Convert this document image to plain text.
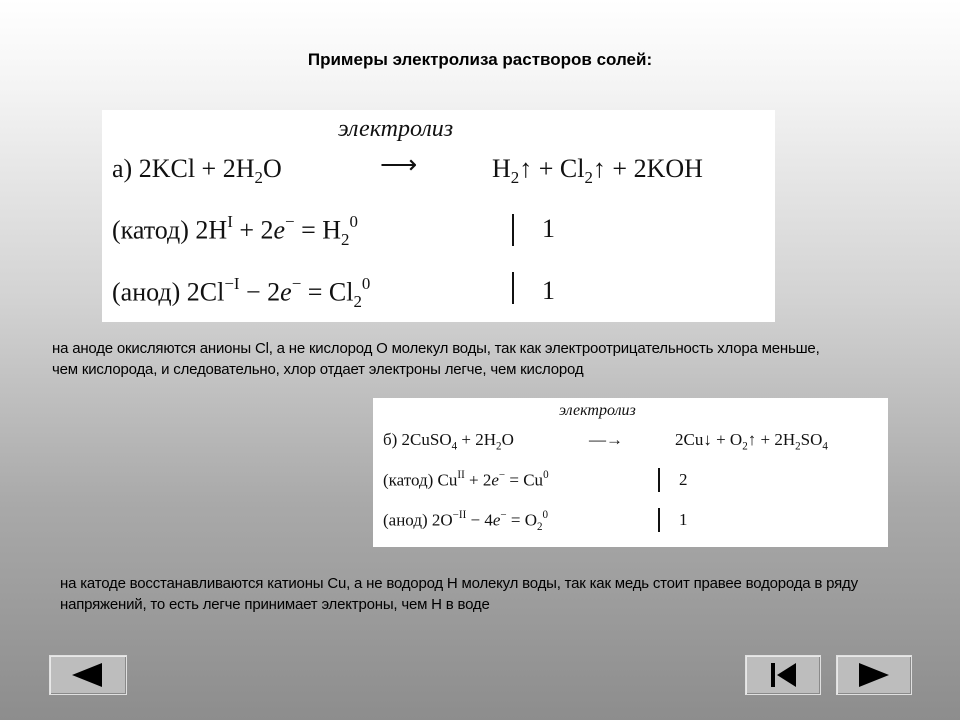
Примеры электролиза растворов солей:
электролиз
а) $2KCl + 2H_2O$	⟶	$H_2↑$ + $Cl_2↑ + 2KOH$
(катод) $2H^I + 2e^- = H_2^0$	1
(анод) $2Cl^{-I} - 2e^- = Cl_2^0$	1
на аноде окисляются анионы Cl, а не кислород О молекул воды, так как электроотрицательность хлора меньше, чем кислорода, и следовательно, хлор отдает электроны легче, чем кислород
электролиз
б) 2CuSO$_4$ + $2H_2O$	—→	2Cu↓ + $O_2↑ + 2H_2SO_4$
(катод) $Cu^{II} + 2e^- = Cu^0$	2
(анод) $2O^{-II} - 4e^- = O_2^0$	1
на катоде восстанавливаются катионы Cu, а не водород Н молекул воды, так как медь стоит правее водорода в ряду напряжений, то есть легче принимает электроны, чем Н в воде
